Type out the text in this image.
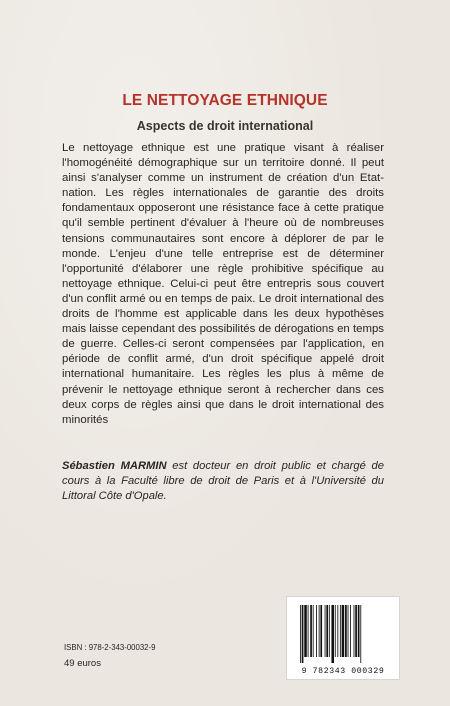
LE NETTOYAGE ETHNIQUE
Aspects de droit international

Le nettoyage ethnique est une pratique visant à réaliser l'homogénéité démographique sur un territoire donné. Il peut ainsi s'analyser comme un instrument de création d'un Etat-nation. Les règles internationales de garantie des droits fondamentaux opposeront une résistance face à cette pratique qu'il semble pertinent d'évaluer à l'heure où de nombreuses tensions communautaires sont encore à déplorer de par le monde. L'enjeu d'une telle entreprise est de déterminer l'opportunité d'élaborer une règle prohibitive spécifique au nettoyage ethnique. Celui-ci peut être entrepris sous couvert d'un conflit armé ou en temps de paix. Le droit international des droits de l'homme est applicable dans les deux hypothèses mais laisse cependant des possibilités de dérogations en temps de guerre. Celles-ci seront compensées par l'application, en période de conflit armé, d'un droit spécifique appelé droit international humanitaire. Les règles les plus à même de prévenir le nettoyage ethnique seront à rechercher dans ces deux corps de règles ainsi que dans le droit international des minorités

Sébastien MARMIN est docteur en droit public et chargé de cours à la Faculté libre de droit de Paris et à l'Université du Littoral Côte d'Opale.

ISBN : 978-2-343-00032-9
49 euros
9 782343 000329
